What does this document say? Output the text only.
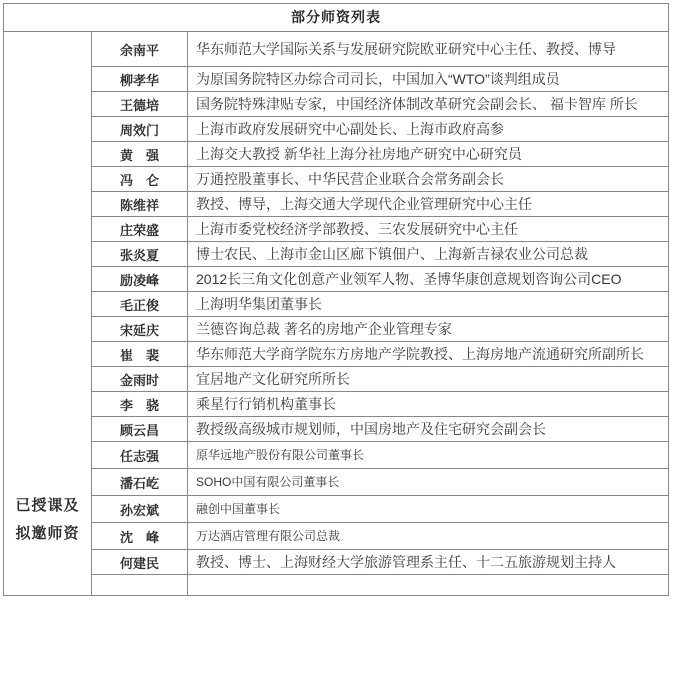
部分师资列表
已授课及
拟邀师资
余南平	华东师范大学国际关系与发展研究院欧亚研究中心主任、教授、博导
柳孝华	为原国务院特区办综合司司长，中国加入“WTO”谈判组成员
王德培	国务院特殊津贴专家，中国经济体制改革研究会副会长、 福卡智库 所长
周效门	上海市政府发展研究中心副处长、上海市政府高参
黄　强	上海交大教授 新华社上海分社房地产研究中心研究员
冯　仑	万通控股董事长、中华民营企业联合会常务副会长
陈维祥	教授、博导，上海交通大学现代企业管理研究中心主任
庄荣盛	上海市委党校经济学部教授、三农发展研究中心主任
张炎夏	博士农民、上海市金山区廊下镇佃户、上海新吉禄农业公司总裁
励凌峰	2012长三角文化创意产业领军人物、圣博华康创意规划咨询公司CEO
毛正俊	上海明华集团董事长
宋延庆	兰德咨询总裁 著名的房地产企业管理专家
崔　裴	华东师范大学商学院东方房地产学院教授、上海房地产流通研究所副所长
金雨时	宜居地产文化研究所所长
李　骁	乘星行行销机构董事长
顾云昌	教授级高级城市规划师，中国房地产及住宅研究会副会长
任志强	原华远地产股份有限公司董事长
潘石屹	SOHO中国有限公司董事长
孙宏斌	融创中国董事长
沈　峰	万达酒店管理有限公司总裁
何建民	教授、博士、上海财经大学旅游管理系主任、十二五旅游规划主持人
